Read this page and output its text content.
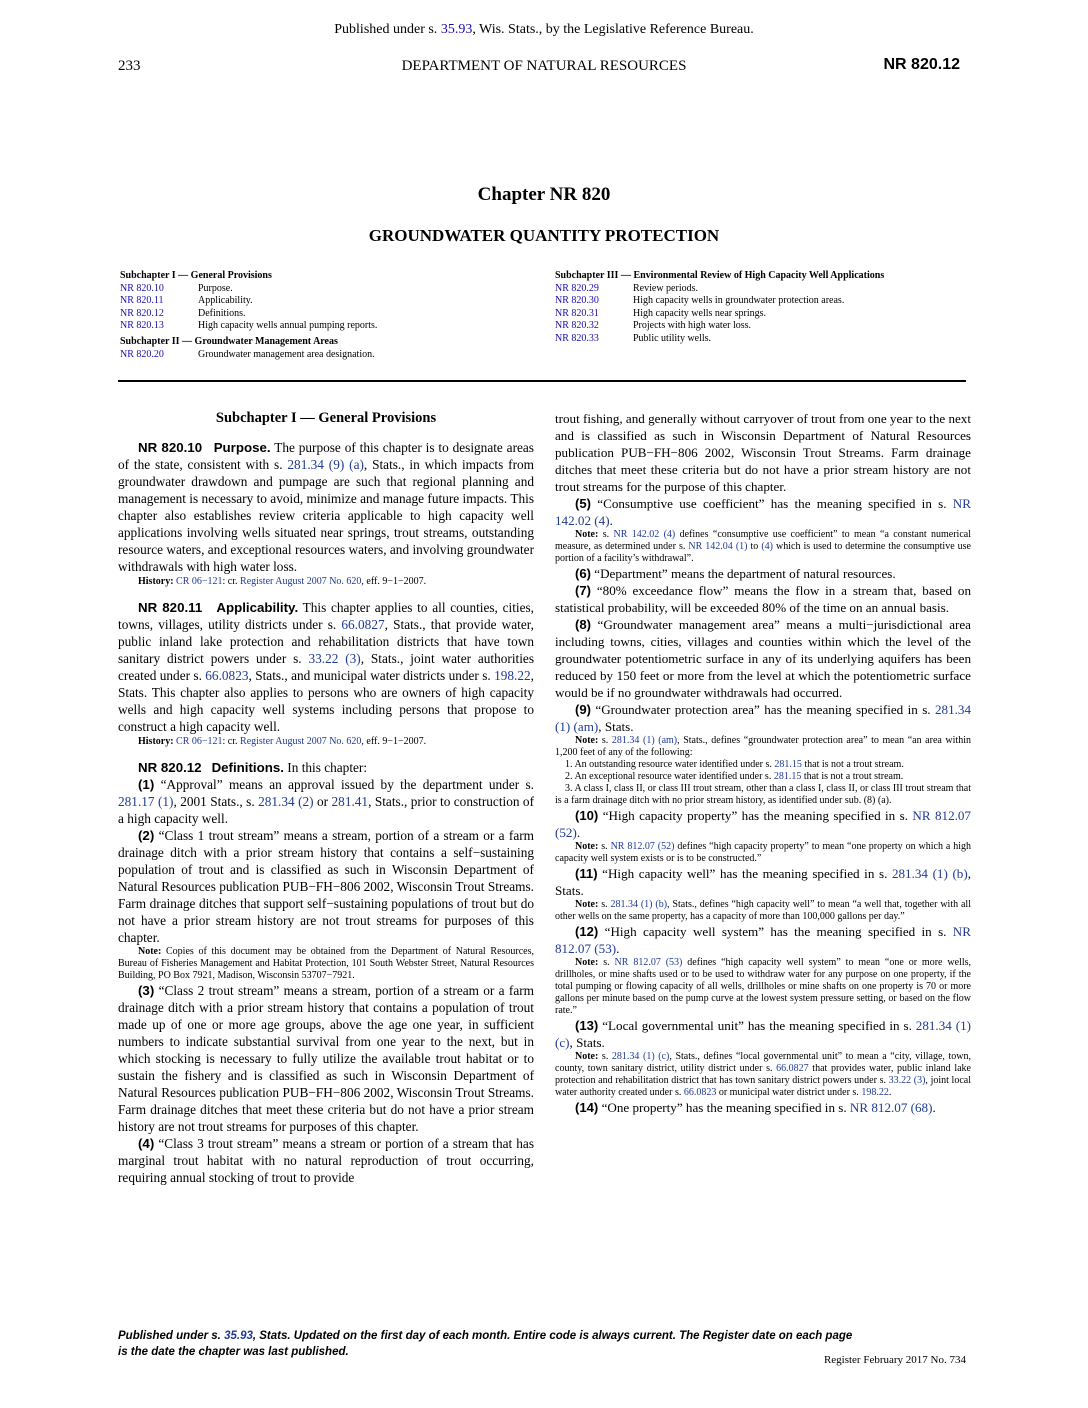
Published under s. 35.93, Wis. Stats., by the Legislative Reference Bureau.
233	DEPARTMENT OF NATURAL RESOURCES	NR 820.12
Chapter NR 820
GROUNDWATER QUANTITY PROTECTION
Subchapter I — General Provisions
NR 820.10	Purpose.
NR 820.11	Applicability.
NR 820.12	Definitions.
NR 820.13	High capacity wells annual pumping reports.
Subchapter II — Groundwater Management Areas
NR 820.20	Groundwater management area designation.
Subchapter III — Environmental Review of High Capacity Well Applications
NR 820.29	Review periods.
NR 820.30	High capacity wells in groundwater protection areas.
NR 820.31	High capacity wells near springs.
NR 820.32	Projects with high water loss.
NR 820.33	Public utility wells.

Subchapter I — General Provisions

NR 820.10 Purpose. The purpose of this chapter is to designate areas of the state, consistent with s. 281.34 (9) (a), Stats., in which impacts from groundwater drawdown and pumpage are such that regional planning and management is necessary to avoid, minimize and manage future impacts. This chapter also establishes review criteria applicable to high capacity well applications involving wells situated near springs, trout streams, outstanding resource waters, and exceptional resources waters, and involving groundwater withdrawals with high water loss.

History: CR 06−121: cr. Register August 2007 No. 620, eff. 9−1−2007.

NR 820.11 Applicability. This chapter applies to all counties, cities, towns, villages, utility districts under s. 66.0827, Stats., that provide water, public inland lake protection and rehabilitation districts that have town sanitary district powers under s. 33.22 (3), Stats., joint water authorities created under s. 66.0823, Stats., and municipal water districts under s. 198.22, Stats. This chapter also applies to persons who are owners of high capacity wells and high capacity well systems including persons that propose to construct a high capacity well.

History: CR 06−121: cr. Register August 2007 No. 620, eff. 9−1−2007.

NR 820.12 Definitions. In this chapter:

(1) “Approval” means an approval issued by the department under s. 281.17 (1), 2001 Stats., s. 281.34 (2) or 281.41, Stats., prior to construction of a high capacity well.

(2) “Class 1 trout stream” means a stream, portion of a stream or a farm drainage ditch with a prior stream history that contains a self−sustaining population of trout and is classified as such in Wisconsin Department of Natural Resources publication PUB−FH−806 2002, Wisconsin Trout Streams. Farm drainage ditches that support self−sustaining populations of trout but do not have a prior stream history are not trout streams for purposes of this chapter.

Note: Copies of this document may be obtained from the Department of Natural Resources, Bureau of Fisheries Management and Habitat Protection, 101 South Webster Street, Natural Resources Building, PO Box 7921, Madison, Wisconsin 53707−7921.

(3) “Class 2 trout stream” means a stream, portion of a stream or a farm drainage ditch with a prior stream history that contains a population of trout made up of one or more age groups, above the age one year, in sufficient numbers to indicate substantial survival from one year to the next, but in which stocking is necessary to fully utilize the available trout habitat or to sustain the fishery and is classified as such in Wisconsin Department of Natural Resources publication PUB−FH−806 2002, Wisconsin Trout Streams. Farm drainage ditches that meet these criteria but do not have a prior stream history are not trout streams for purposes of this chapter.

(4) “Class 3 trout stream” means a stream or portion of a stream that has marginal trout habitat with no natural reproduction of trout occurring, requiring annual stocking of trout to provide

trout fishing, and generally without carryover of trout from one year to the next and is classified as such in Wisconsin Department of Natural Resources publication PUB−FH−806 2002, Wisconsin Trout Streams. Farm drainage ditches that meet these criteria but do not have a prior stream history are not trout streams for the purpose of this chapter.

(5) “Consumptive use coefficient” has the meaning specified in s. NR 142.02 (4).

Note: s. NR 142.02 (4) defines “consumptive use coefficient” to mean “a constant numerical measure, as determined under s. NR 142.04 (1) to (4) which is used to determine the consumptive use portion of a facility’s withdrawal”.

(6) “Department” means the department of natural resources.

(7) “80% exceedance flow” means the flow in a stream that, based on statistical probability, will be exceeded 80% of the time on an annual basis.

(8) “Groundwater management area” means a multi−jurisdictional area including towns, cities, villages and counties within which the level of the groundwater potentiometric surface in any of its underlying aquifers has been reduced by 150 feet or more from the level at which the potentiometric surface would be if no groundwater withdrawals had occurred.

(9) “Groundwater protection area” has the meaning specified in s. 281.34 (1) (am), Stats.

Note: s. 281.34 (1) (am), Stats., defines “groundwater protection area” to mean “an area within 1,200 feet of any of the following:

1. An outstanding resource water identified under s. 281.15 that is not a trout stream.

2. An exceptional resource water identified under s. 281.15 that is not a trout stream.

3. A class I, class II, or class III trout stream, other than a class I, class II, or class III trout stream that is a farm drainage ditch with no prior stream history, as identified under sub. (8) (a).

(10) “High capacity property” has the meaning specified in s. NR 812.07 (52).

Note: s. NR 812.07 (52) defines “high capacity property” to mean “one property on which a high capacity well system exists or is to be constructed.”

(11) “High capacity well” has the meaning specified in s. 281.34 (1) (b), Stats.

Note: s. 281.34 (1) (b), Stats., defines “high capacity well” to mean “a well that, together with all other wells on the same property, has a capacity of more than 100,000 gallons per day.”

(12) “High capacity well system” has the meaning specified in s. NR 812.07 (53).

Note: s. NR 812.07 (53) defines “high capacity well system” to mean “one or more wells, drillholes, or mine shafts used or to be used to withdraw water for any purpose on one property, if the total pumping or flowing capacity of all wells, drillholes or mine shafts on one property is 70 or more gallons per minute based on the pump curve at the lowest system pressure setting, or based on the flow rate.”

(13) “Local governmental unit” has the meaning specified in s. 281.34 (1) (c), Stats.

Note: s. 281.34 (1) (c), Stats., defines “local governmental unit” to mean a “city, village, town, county, town sanitary district, utility district under s. 66.0827 that provides water, public inland lake protection and rehabilitation district that has town sanitary district powers under s. 33.22 (3), joint local water authority created under s. 66.0823 or municipal water district under s. 198.22.

(14) “One property” has the meaning specified in s. NR 812.07 (68).

Published under s. 35.93, Stats. Updated on the first day of each month. Entire code is always current. The Register date on each page
is the date the chapter was last published.
Register February 2017 No. 734
